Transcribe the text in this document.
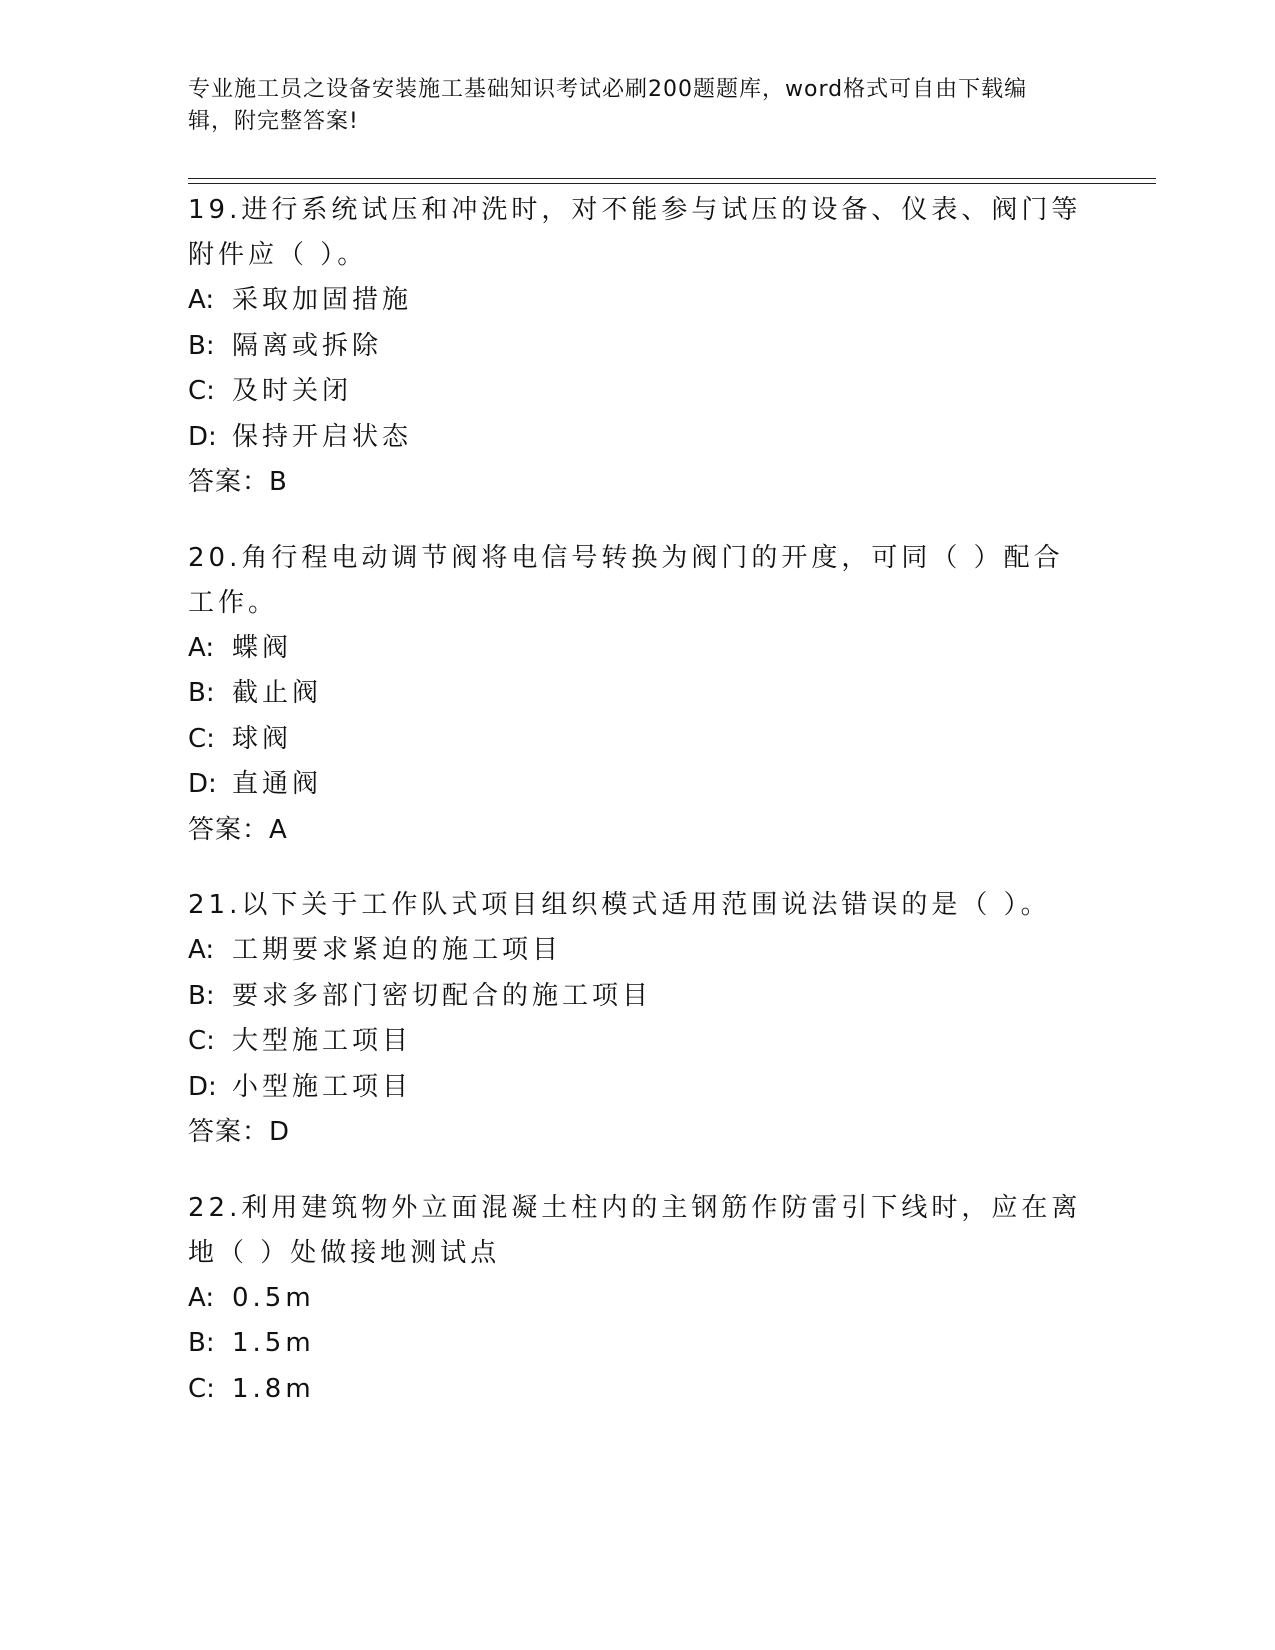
专业施工员之设备安装施工基础知识考试必刷200题题库，word格式可自由下载编辑，附完整答案!

19.进行系统试压和冲洗时，对不能参与试压的设备、仪表、阀门等附件应（ ）。

A: 采取加固措施

B: 隔离或拆除

C: 及时关闭

D: 保持开启状态

答案：B

20.角行程电动调节阀将电信号转换为阀门的开度，可同（ ）配合工作。

A: 蝶阀

B: 截止阀

C: 球阀

D: 直通阀

答案：A

21.以下关于工作队式项目组织模式适用范围说法错误的是（ ）。

A: 工期要求紧迫的施工项目

B: 要求多部门密切配合的施工项目

C: 大型施工项目

D: 小型施工项目

答案：D

22.利用建筑物外立面混凝土柱内的主钢筋作防雷引下线时，应在离地（ ）处做接地测试点

A: 0.5m

B: 1.5m

C: 1.8m
